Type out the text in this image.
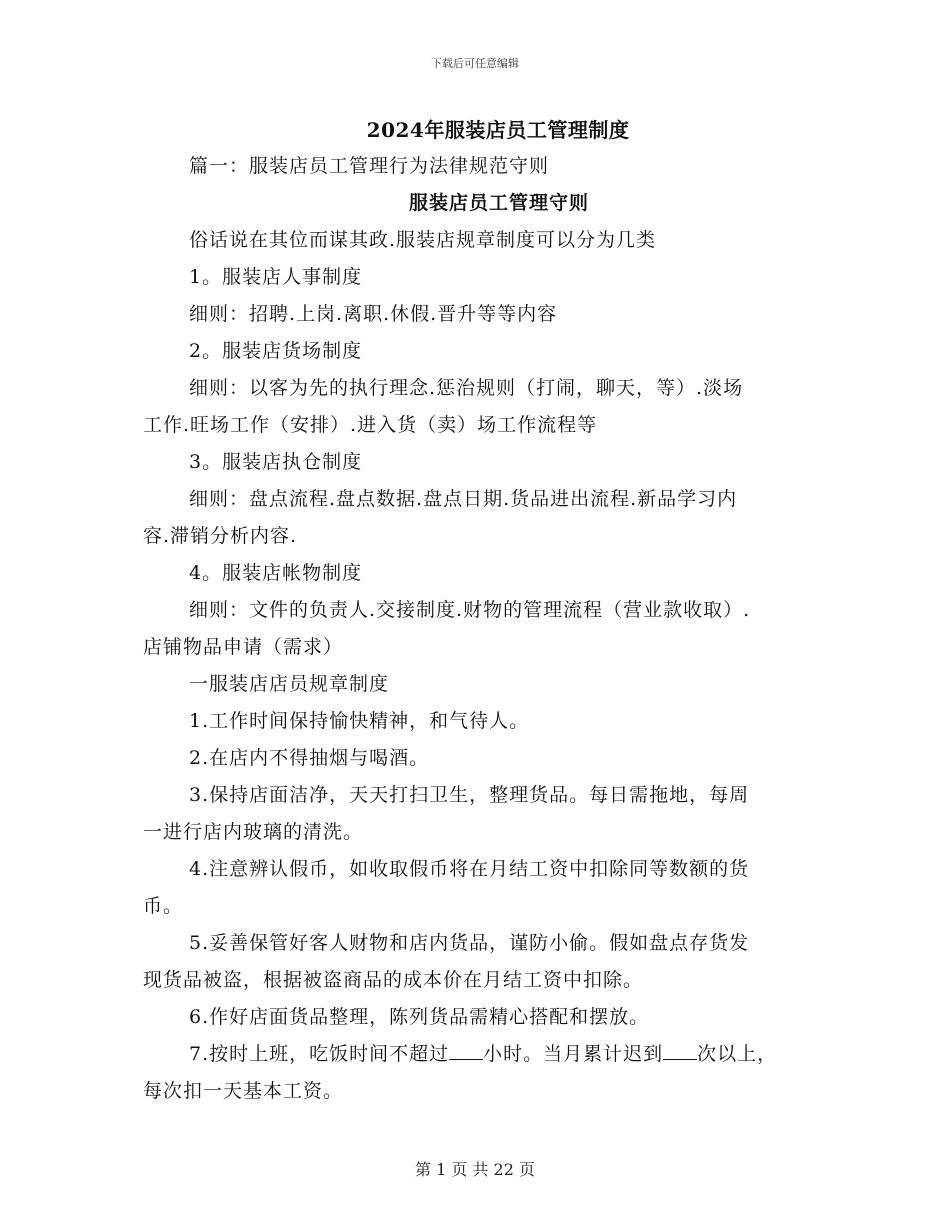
下载后可任意编辑
2024年服装店员工管理制度

篇一：服装店员工管理行为法律规范守则

服装店员工管理守则

俗话说在其位而谋其政.服装店规章制度可以分为几类

1。服装店人事制度

细则：招聘.上岗.离职.休假.晋升等等内容

2。服装店货场制度

细则：以客为先的执行理念.惩治规则（打闹，聊天，等）.淡场

工作.旺场工作（安排）.进入货（卖）场工作流程等

3。服装店执仓制度

细则：盘点流程.盘点数据.盘点日期.货品进出流程.新品学习内

容.滞销分析内容.

4。服装店帐物制度

细则：文件的负责人.交接制度.财物的管理流程（营业款收取）.

店铺物品申请（需求）

一服装店店员规章制度

1.工作时间保持愉快精神，和气待人。

2.在店内不得抽烟与喝酒。

3.保持店面洁净，天天打扫卫生，整理货品。每日需拖地，每周

一进行店内玻璃的清洗。

4.注意辨认假币，如收取假币将在月结工资中扣除同等数额的货

币。

5.妥善保管好客人财物和店内货品，谨防小偷。假如盘点存货发

现货品被盗，根据被盗商品的成本价在月结工资中扣除。

6.作好店面货品整理，陈列货品需精心搭配和摆放。

7.按时上班，吃饭时间不超过 小时。当月累计迟到 次以上，

每次扣一天基本工资。

第 1 页 共 22 页
